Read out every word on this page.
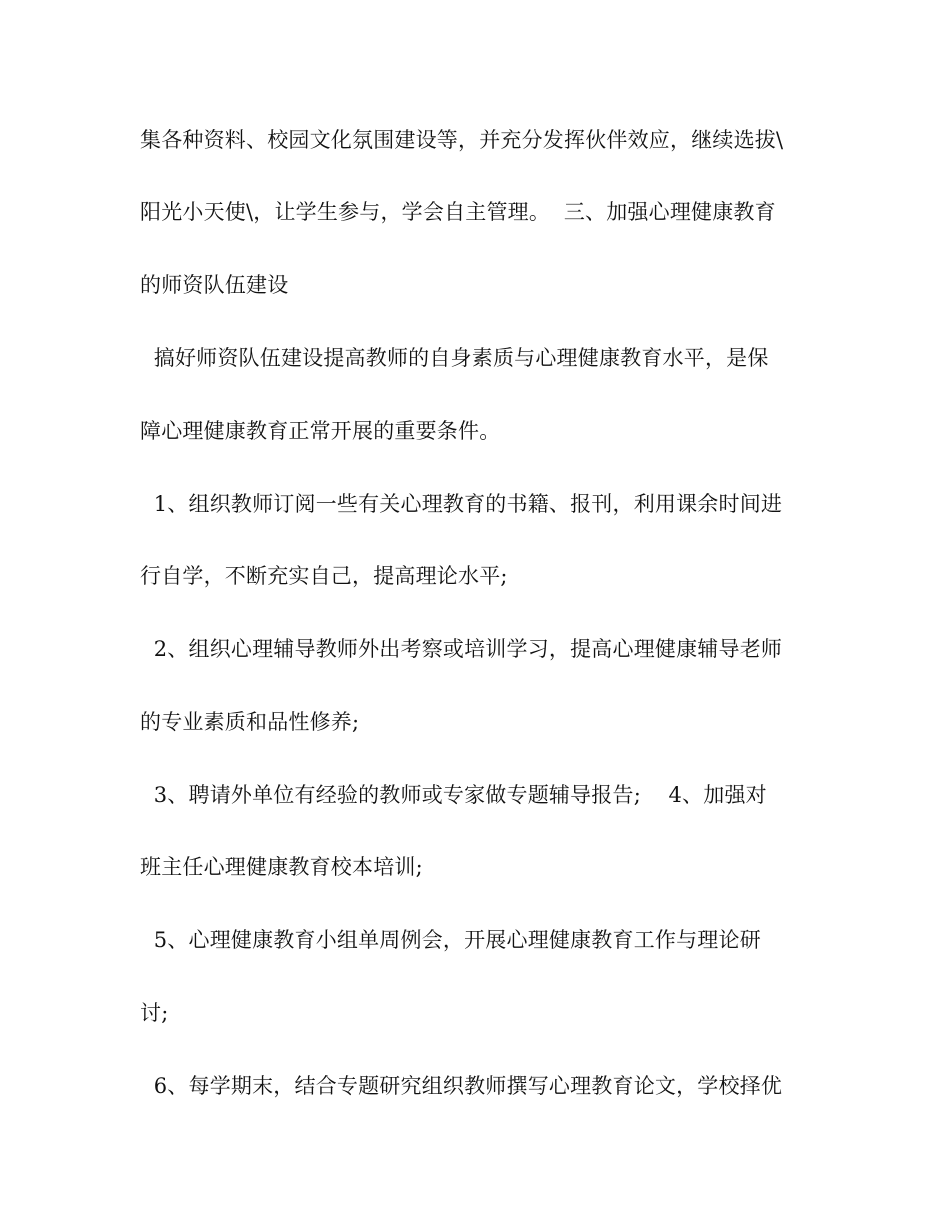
集各种资料、校园文化氛围建设等，并充分发挥伙伴效应，继续选拔\
阳光小天使\，让学生参与，学会自主管理。  三、加强心理健康教育
的师资队伍建设
搞好师资队伍建设提高教师的自身素质与心理健康教育水平，是保
障心理健康教育正常开展的重要条件。
1、组织教师订阅一些有关心理教育的书籍、报刊，利用课余时间进
行自学，不断充实自己，提高理论水平;
2、组织心理辅导教师外出考察或培训学习，提高心理健康辅导老师
的专业素质和品性修养;
3、聘请外单位有经验的教师或专家做专题辅导报告;    4、加强对
班主任心理健康教育校本培训;
5、心理健康教育小组单周例会，开展心理健康教育工作与理论研
讨;
6、每学期末，结合专题研究组织教师撰写心理教育论文，学校择优
